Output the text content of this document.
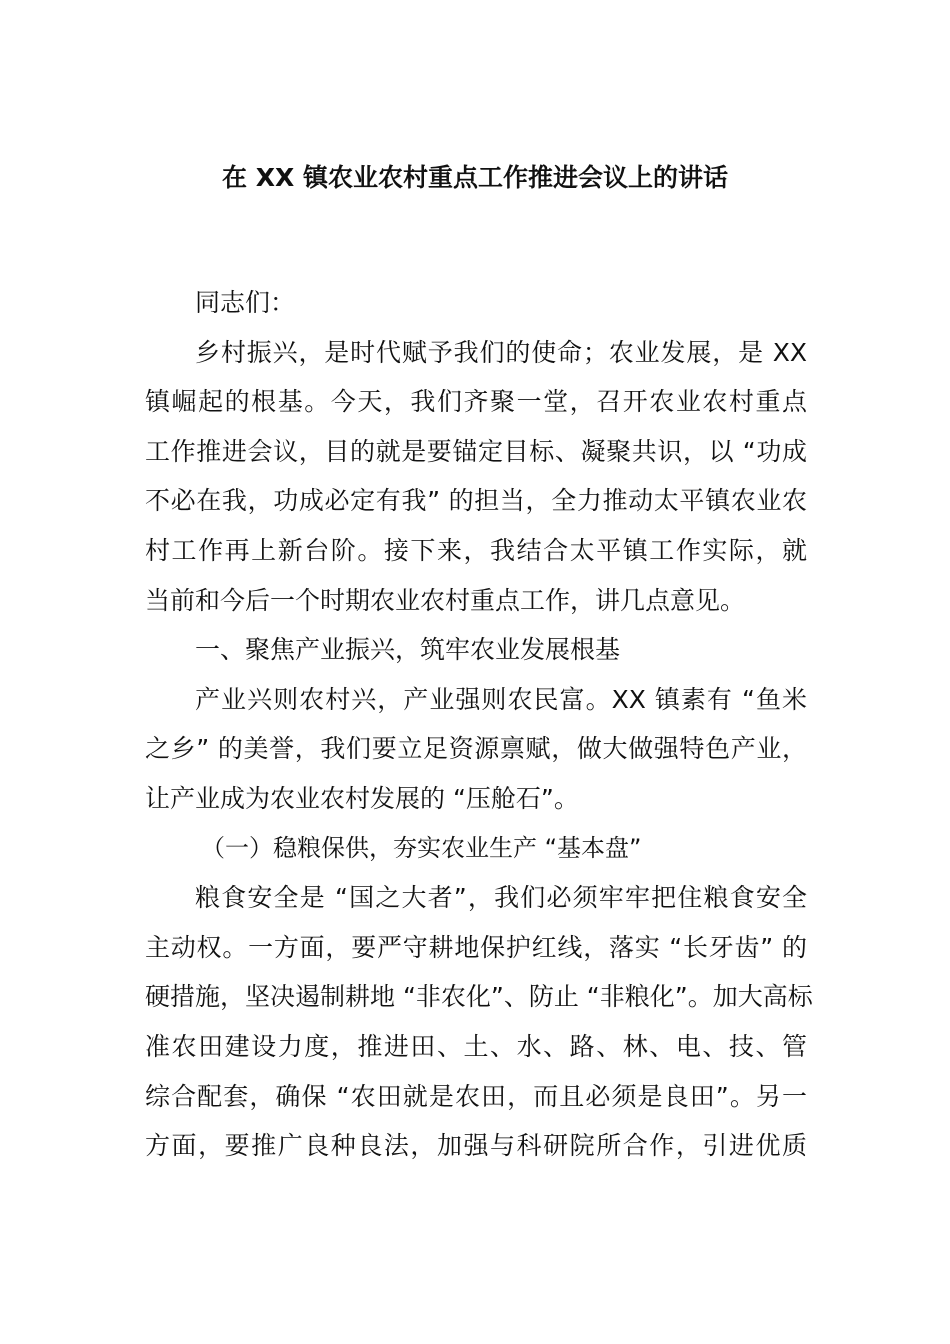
在 XX 镇农业农村重点工作推进会议上的讲话
同志们：
乡村振兴，是时代赋予我们的使命；农业发展，是 XX
镇崛起的根基。今天，我们齐聚一堂，召开农业农村重点
工作推进会议，目的就是要锚定目标、凝聚共识，以 “功成
不必在我，功成必定有我” 的担当，全力推动太平镇农业农
村工作再上新台阶。接下来，我结合太平镇工作实际，就
当前和今后一个时期农业农村重点工作，讲几点意见。
一、聚焦产业振兴，筑牢农业发展根基
产业兴则农村兴，产业强则农民富。XX 镇素有 “鱼米
之乡” 的美誉，我们要立足资源禀赋，做大做强特色产业，
让产业成为农业农村发展的 “压舱石”。
（一）稳粮保供，夯实农业生产 “基本盘”
粮食安全是 “国之大者”，我们必须牢牢把住粮食安全
主动权。一方面，要严守耕地保护红线，落实 “长牙齿” 的
硬措施，坚决遏制耕地 “非农化”、防止 “非粮化”。加大高标
准农田建设力度，推进田、土、水、路、林、电、技、管
综合配套，确保 “农田就是农田，而且必须是良田”。另一
方面，要推广良种良法，加强与科研院所合作，引进优质
